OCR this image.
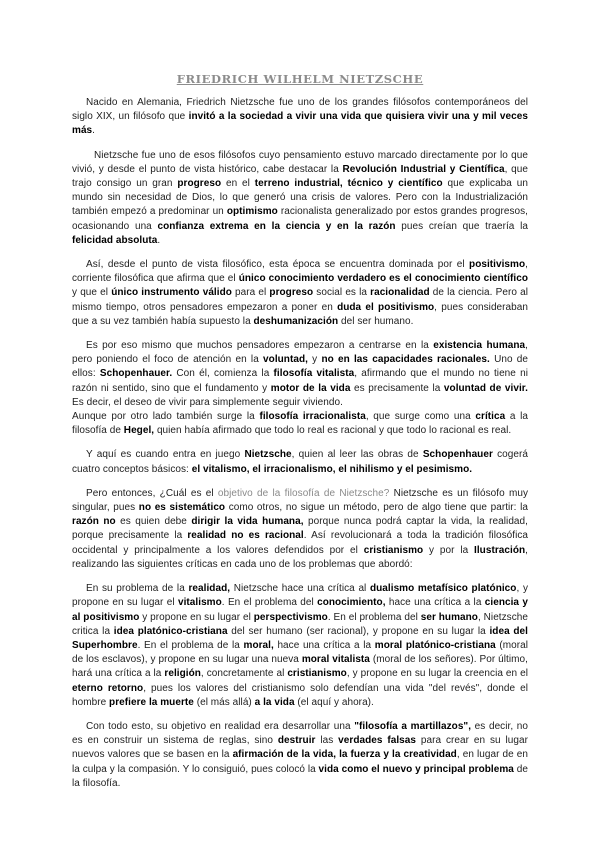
FRIEDRICH WILHELM NIETZSCHE

Nacido en Alemania, Friedrich Nietzsche fue uno de los grandes filósofos contemporáneos del siglo XIX, un filósofo que invitó a la sociedad a vivir una vida que quisiera vivir una y mil veces más.

Nietzsche fue uno de esos filósofos cuyo pensamiento estuvo marcado directamente por lo que vivió, y desde el punto de vista histórico, cabe destacar la Revolución Industrial y Científica, que trajo consigo un gran progreso en el terreno industrial, técnico y científico que explicaba un mundo sin necesidad de Dios, lo que generó una crisis de valores. Pero con la Industrialización también empezó a predominar un optimismo racionalista generalizado por estos grandes progresos, ocasionando una confianza extrema en la ciencia y en la razón pues creían que traería la felicidad absoluta.

Así, desde el punto de vista filosófico, esta época se encuentra dominada por el positivismo, corriente filosófica que afirma que el único conocimiento verdadero es el conocimiento científico y que el único instrumento válido para el progreso social es la racionalidad de la ciencia. Pero al mismo tiempo, otros pensadores empezaron a poner en duda el positivismo, pues consideraban que a su vez también había supuesto la deshumanización del ser humano.

Es por eso mismo que muchos pensadores empezaron a centrarse en la existencia humana, pero poniendo el foco de atención en la voluntad, y no en las capacidades racionales. Uno de ellos: Schopenhauer. Con él, comienza la filosofía vitalista, afirmando que el mundo no tiene ni razón ni sentido, sino que el fundamento y motor de la vida es precisamente la voluntad de vivir. Es decir, el deseo de vivir para simplemente seguir viviendo.

Aunque por otro lado también surge la filosofía irracionalista, que surge como una crítica a la filosofía de Hegel, quien había afirmado que todo lo real es racional y que todo lo racional es real.

Y aquí es cuando entra en juego Nietzsche, quien al leer las obras de Schopenhauer cogerá cuatro conceptos básicos: el vitalismo, el irracionalismo, el nihilismo y el pesimismo.

Pero entonces, ¿Cuál es el objetivo de la filosofía de Nietzsche? Nietzsche es un filósofo muy singular, pues no es sistemático como otros, no sigue un método, pero de algo tiene que partir: la razón no es quien debe dirigir la vida humana, porque nunca podrá captar la vida, la realidad, porque precisamente la realidad no es racional. Así revolucionará a toda la tradición filosófica occidental y principalmente a los valores defendidos por el cristianismo y por la Ilustración, realizando las siguientes críticas en cada uno de los problemas que abordó:

En su problema de la realidad, Nietzsche hace una crítica al dualismo metafísico platónico, y propone en su lugar el vitalismo. En el problema del conocimiento, hace una crítica a la ciencia y al positivismo y propone en su lugar el perspectivismo. En el problema del ser humano, Nietzsche critica la idea platónico-cristiana del ser humano (ser racional), y propone en su lugar la idea del Superhombre. En el problema de la moral, hace una crítica a la moral platónico-cristiana (moral de los esclavos), y propone en su lugar una nueva moral vitalista (moral de los señores). Por último, hará una crítica a la religión, concretamente al cristianismo, y propone en su lugar la creencia en el eterno retorno, pues los valores del cristianismo solo defendían una vida "del revés", donde el hombre prefiere la muerte (el más allá) a la vida (el aquí y ahora).

Con todo esto, su objetivo en realidad era desarrollar una "filosofía a martillazos", es decir, no es en construir un sistema de reglas, sino destruir las verdades falsas para crear en su lugar nuevos valores que se basen en la afirmación de la vida, la fuerza y la creatividad, en lugar de en la culpa y la compasión. Y lo consiguió, pues colocó la vida como el nuevo y principal problema de la filosofía.
